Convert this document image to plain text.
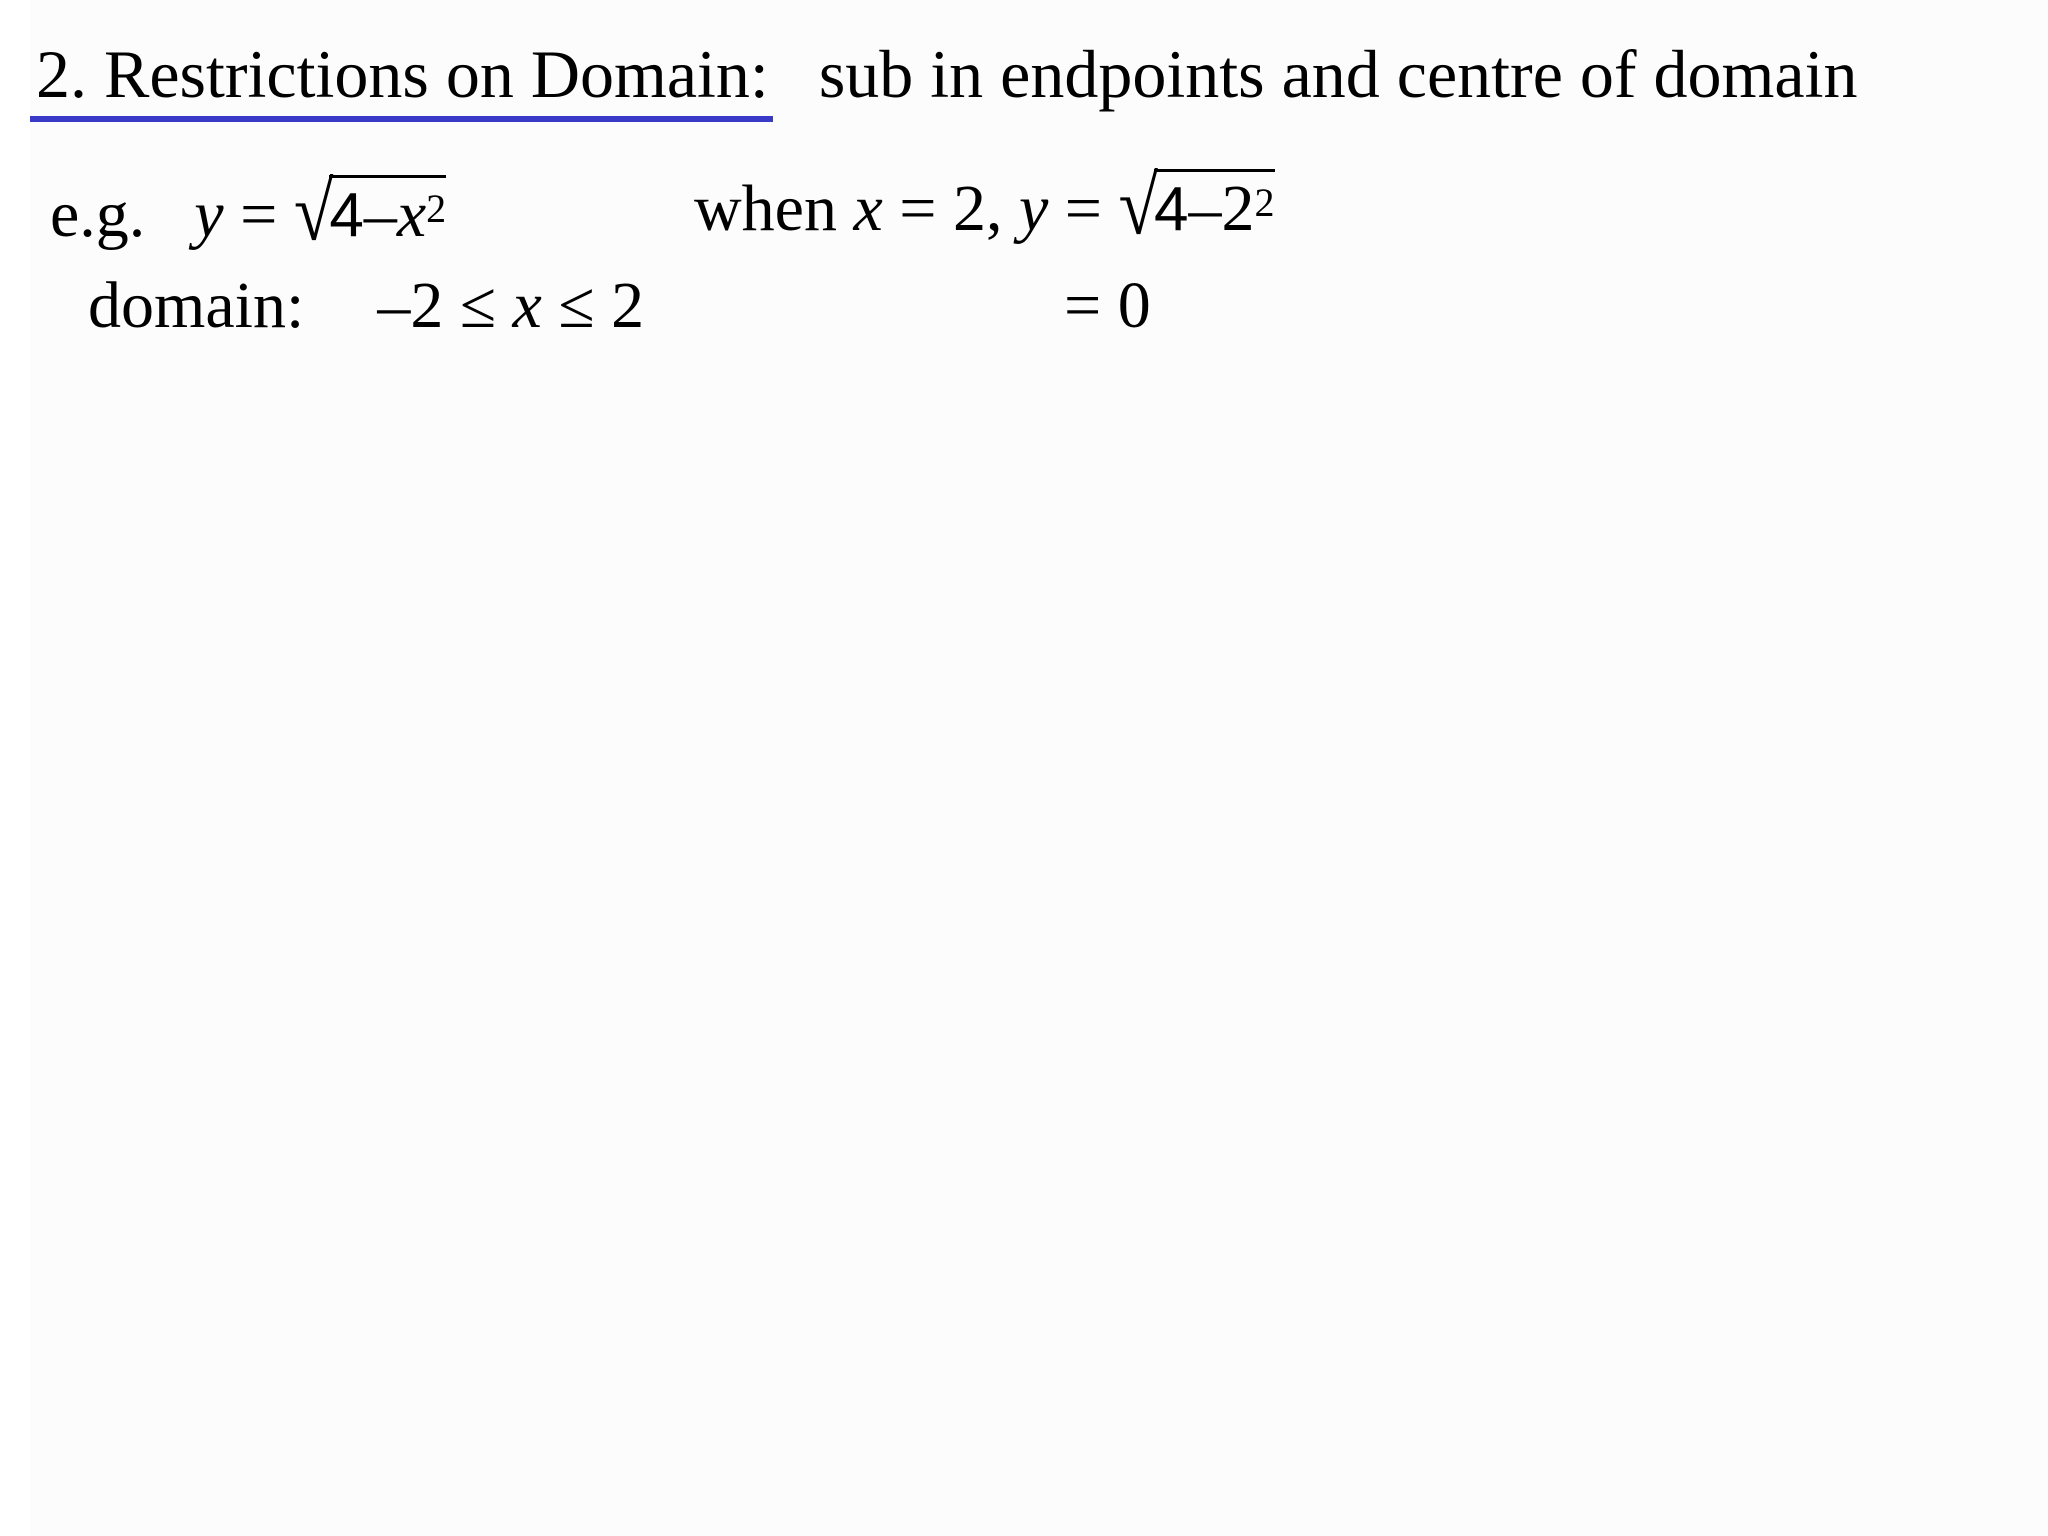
2. Restrictions on Domain: sub in endpoints and centre of domain
e.g. $y = √4-x^2$
domain: –2 ≤ x ≤ 2
when x = 2, $y = √4-2^2$
= 0
